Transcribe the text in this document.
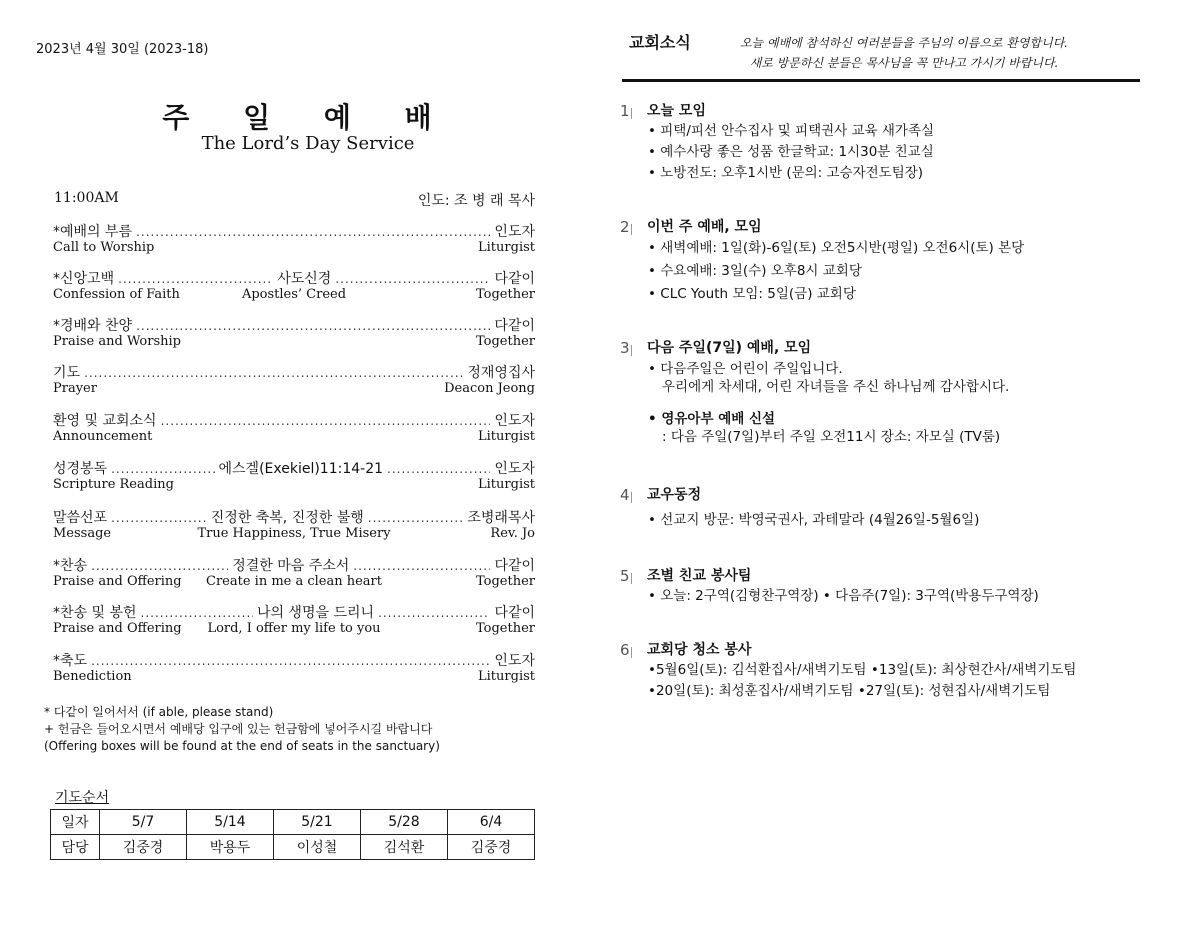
2023년 4월 30일 (2023-18)
주 일 예 배
The Lord’s Day Service
11:00AM	인도: 조 병 래 목사
*예배의 부름 .....	인도자
Call to Worship	Liturgist
*신앙고백 .....	사도신경 .....	다같이
Confession of Faith	Apostles’ Creed	Together
*경배와 찬양 .....	다같이
Praise and Worship	Together
기도 .....	정재영집사
Prayer	Deacon Jeong
환영 및 교회소식 .....	인도자
Announcement	Liturgist
성경봉독 .....	에스겔(Exekiel)11:14-21 .....	인도자
Scripture Reading	Liturgist
말씀선포 .....	진정한 축복, 진정한 불행 .....	조병래목사
Message	True Happiness, True Misery	Rev. Jo
*찬송 .....	정결한 마음 주소서 .....	다같이
Praise and Offering	Create in me a clean heart	Together
*찬송 및 봉헌 .....	나의 생명을 드리니 .....	다같이
Praise and Offering	Lord, I offer my life to you	Together
*축도 .....	인도자
Benediction	Liturgist
* 다같이 일어서서 (if able, please stand)
+ 헌금은 들어오시면서 예배당 입구에 있는 헌금함에 넣어주시길 바랍니다
(Offering boxes will be found at the end of seats in the sanctuary)
기도순서
일자	5/7	5/14	5/21	5/28	6/4
담당	김중경	박용두	이성철	김석환	김중경
교회소식	오늘 예배에 참석하신 여러분들을 주님의 이름으로 환영합니다.
새로 방문하신 분들은 목사님을 꼭 만나고 가시기 바랍니다.
1 오늘 모임
• 피택/피선 안수집사 및 피택권사 교육 새가족실
• 예수사랑 좋은 성품 한글학교: 1시30분 친교실
• 노방전도: 오후1시반 (문의: 고승자전도팀장)
2 이번 주 예배, 모임
• 새벽예배: 1일(화)-6일(토) 오전5시반(평일) 오전6시(토) 본당
• 수요예배: 3일(수) 오후8시 교회당
• CLC Youth 모임: 5일(금) 교회당
3 다음 주일(7일) 예배, 모임
• 다음주일은 어린이 주일입니다.
우리에게 차세대, 어린 자녀들을 주신 하나님께 감사합시다.
• 영유아부 예배 신설
: 다음 주일(7일)부터 주일 오전11시 장소: 자모실 (TV룸)
4 교우동정
• 선교지 방문: 박영국권사, 과테말라 (4월26일-5월6일)
5 조별 친교 봉사팀
• 오늘: 2구역(김형찬구역장) • 다음주(7일): 3구역(박용두구역장)
6 교회당 청소 봉사
•5월6일(토): 김석환집사/새벽기도팀 •13일(토): 최상현간사/새벽기도팀
•20일(토): 최성훈집사/새벽기도팀 •27일(토): 성현집사/새벽기도팀
